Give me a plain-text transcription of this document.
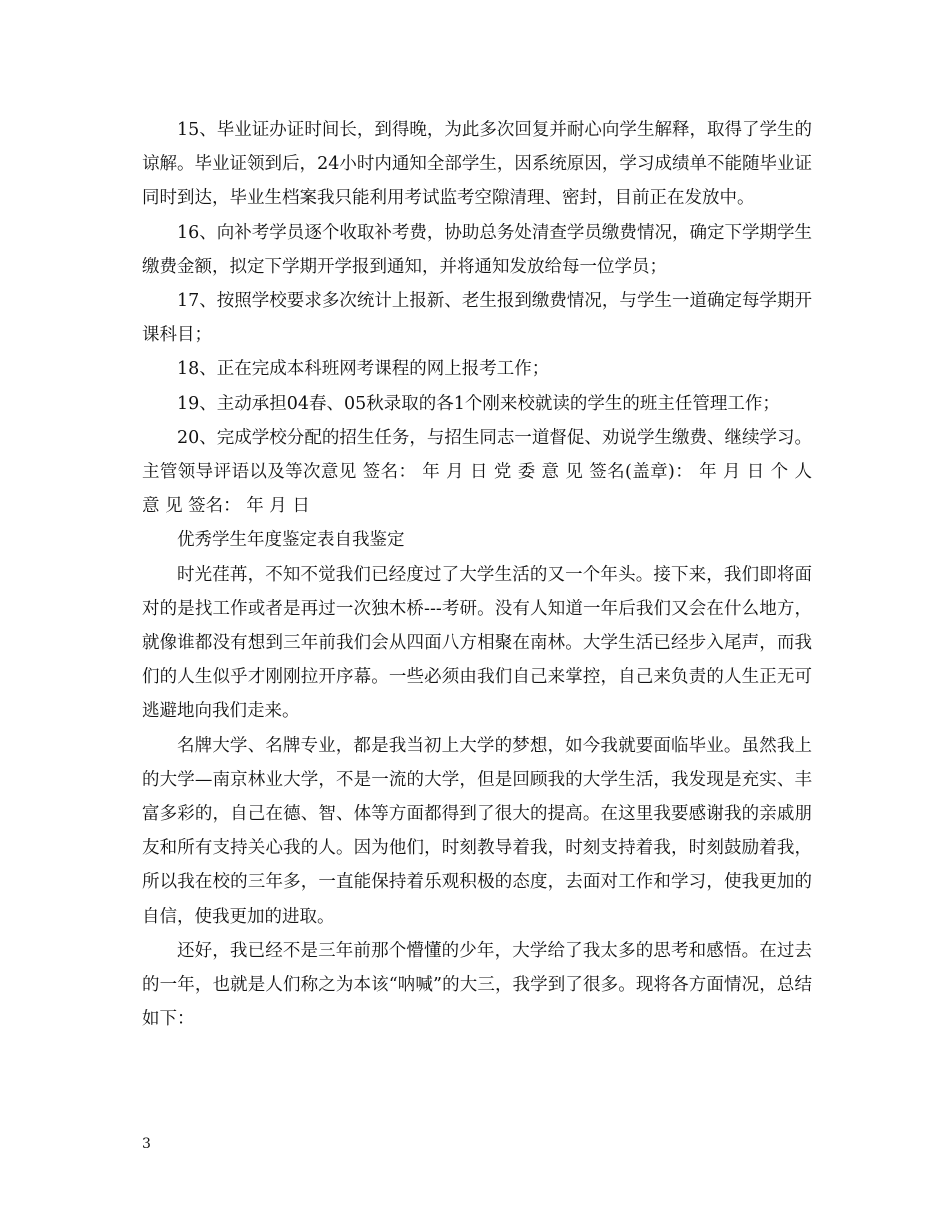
15、毕业证办证时间长，到得晚，为此多次回复并耐心向学生解释，取得了学生的谅解。毕业证领到后，24小时内通知全部学生，因系统原因，学习成绩单不能随毕业证同时到达，毕业生档案我只能利用考试监考空隙清理、密封，目前正在发放中。

16、向补考学员逐个收取补考费，协助总务处清查学员缴费情况，确定下学期学生缴费金额，拟定下学期开学报到通知，并将通知发放给每一位学员；

17、按照学校要求多次统计上报新、老生报到缴费情况，与学生一道确定每学期开课科目；

18、正在完成本科班网考课程的网上报考工作；

19、主动承担04春、05秋录取的各1个刚来校就读的学生的班主任管理工作；

20、完成学校分配的招生任务，与招生同志一道督促、劝说学生缴费、继续学习。 主管领导评语以及等次意见 签名： 年 月 日 党 委 意 见 签名(盖章)： 年 月 日 个 人 意 见 签名： 年 月 日

优秀学生年度鉴定表自我鉴定

时光荏苒，不知不觉我们已经度过了大学生活的又一个年头。接下来，我们即将面对的是找工作或者是再过一次独木桥---考研。没有人知道一年后我们又会在什么地方，就像谁都没有想到三年前我们会从四面八方相聚在南林。大学生活已经步入尾声，而我们的人生似乎才刚刚拉开序幕。一些必须由我们自己来掌控，自己来负责的人生正无可逃避地向我们走来。

名牌大学、名牌专业，都是我当初上大学的梦想，如今我就要面临毕业。虽然我上的大学—南京林业大学，不是一流的大学，但是回顾我的大学生活，我发现是充实、丰富多彩的，自己在德、智、体等方面都得到了很大的提高。在这里我要感谢我的亲戚朋友和所有支持关心我的人。因为他们，时刻教导着我，时刻支持着我，时刻鼓励着我，所以我在校的三年多，一直能保持着乐观积极的态度，去面对工作和学习，使我更加的自信，使我更加的进取。

还好，我已经不是三年前那个懵懂的少年，大学给了我太多的思考和感悟。在过去的一年，也就是人们称之为本该“呐喊”的大三，我学到了很多。现将各方面情况，总结如下：

3
